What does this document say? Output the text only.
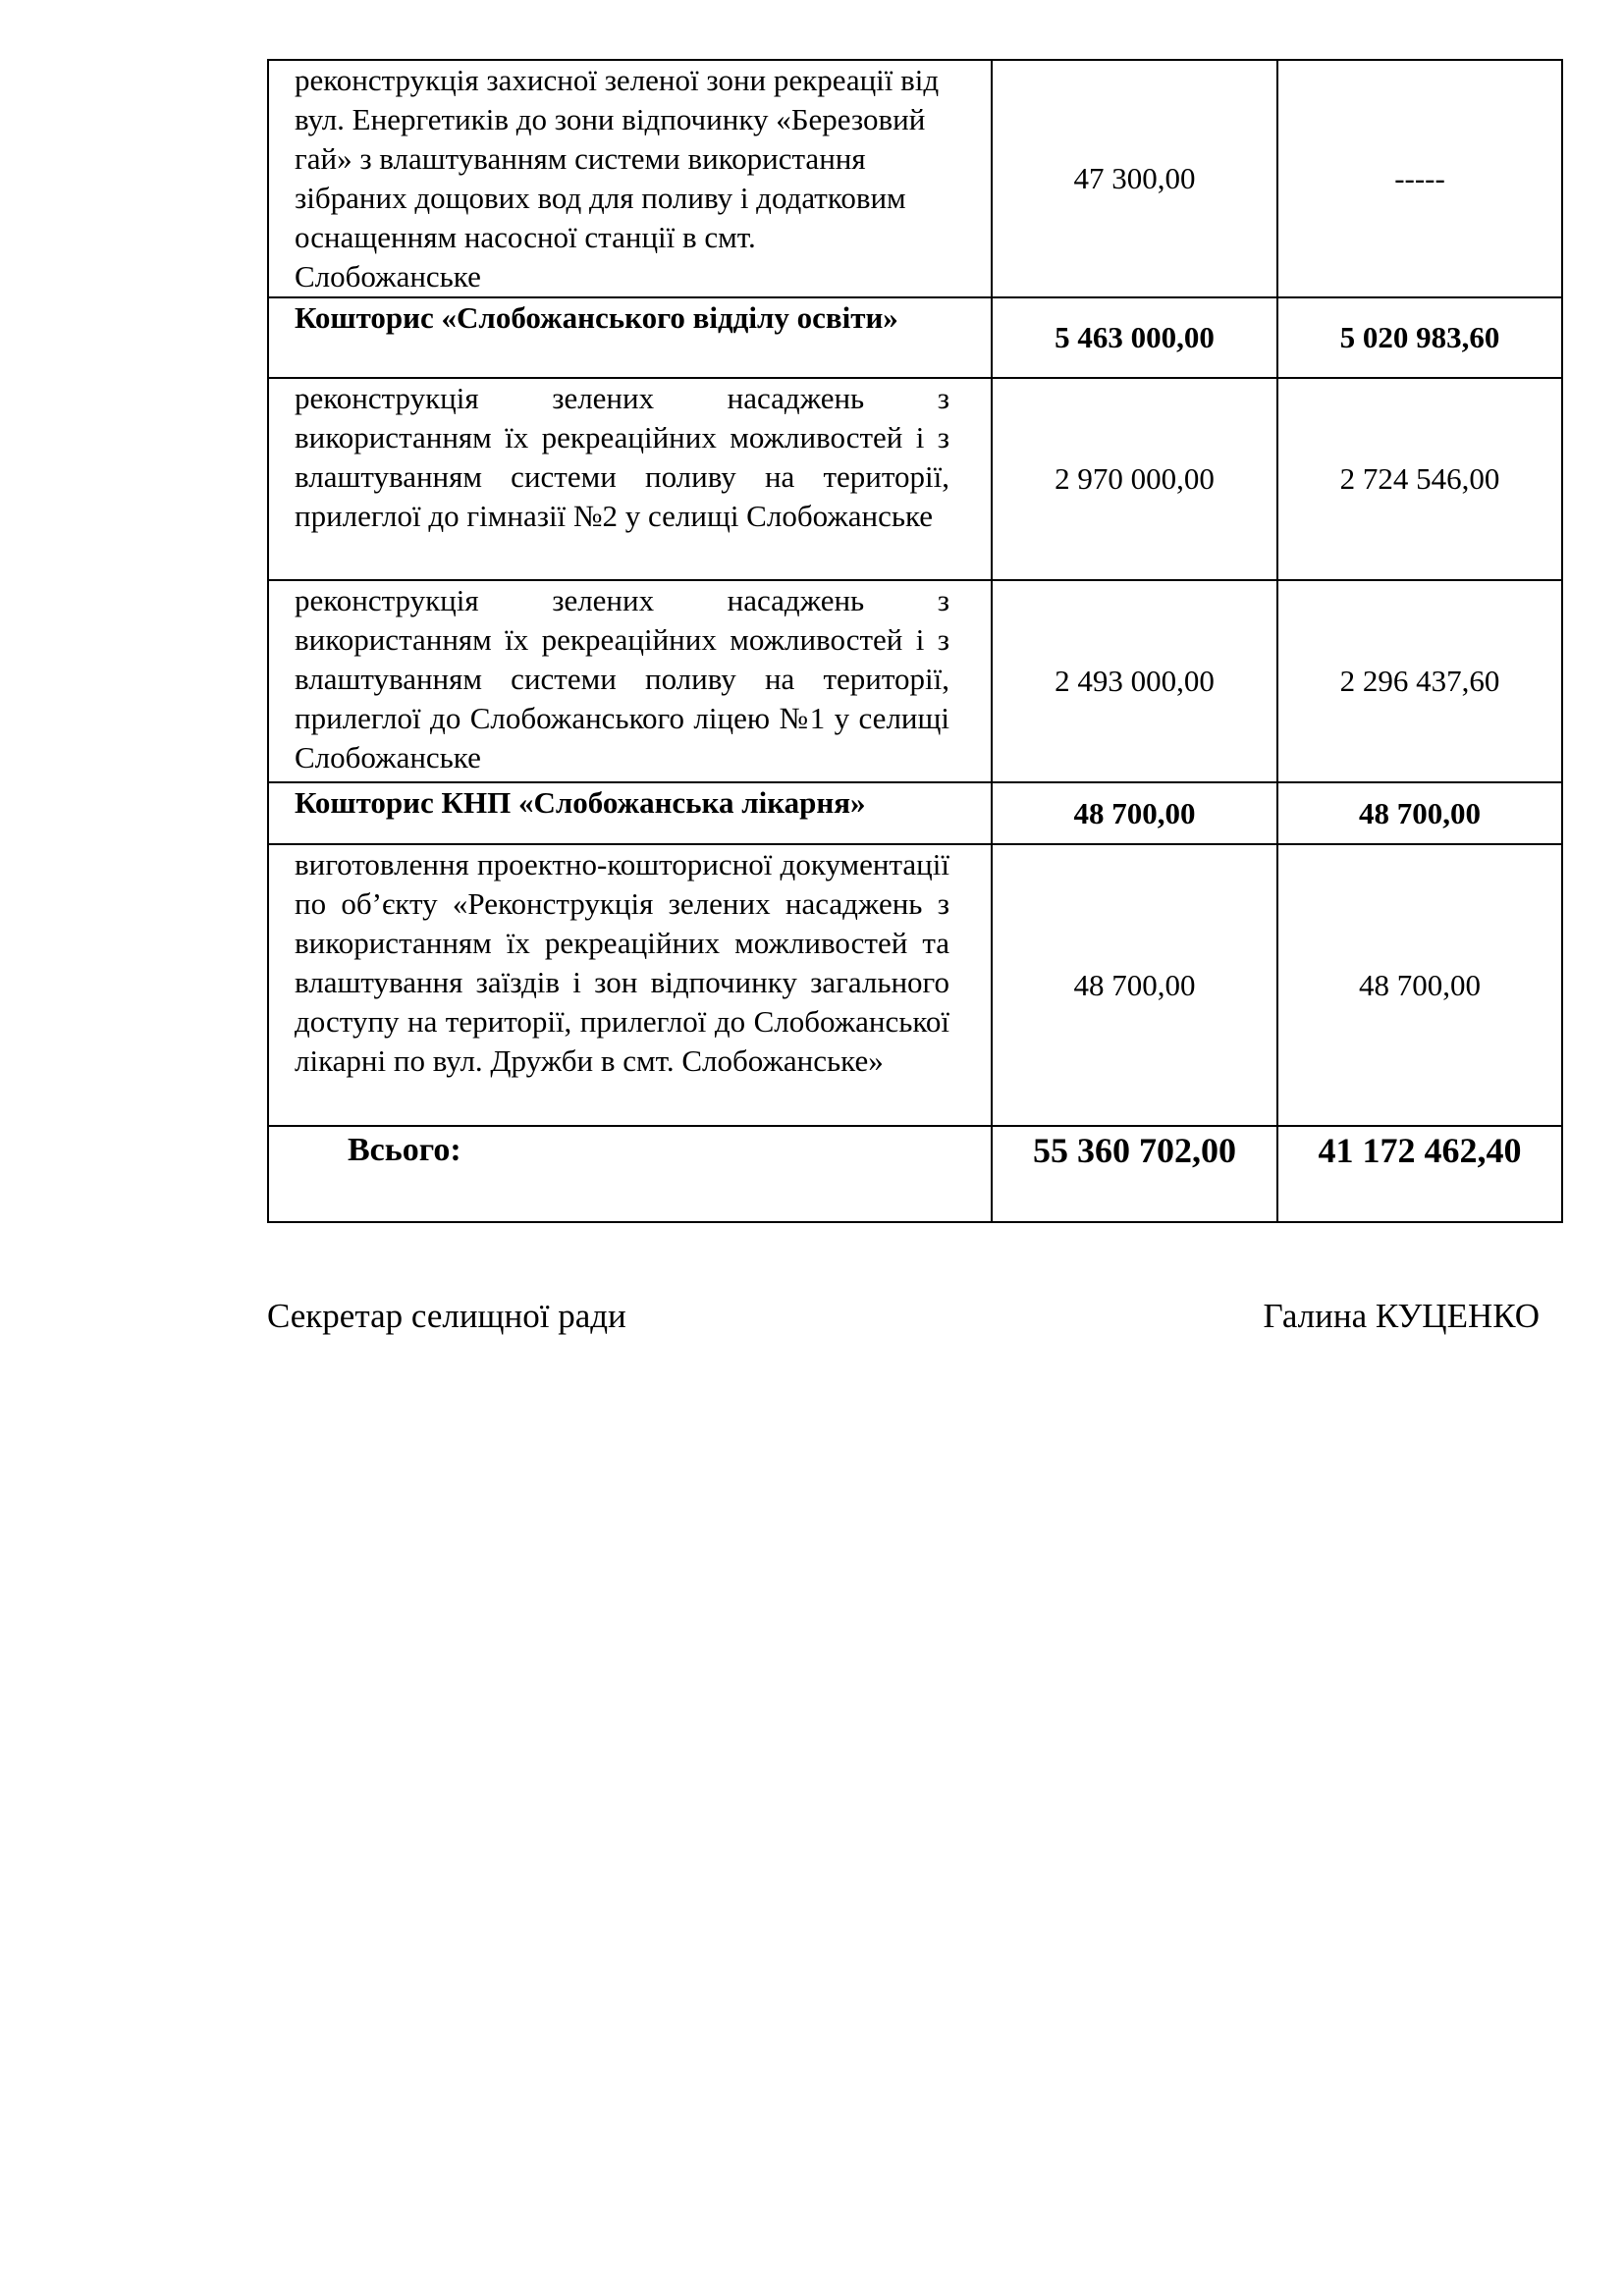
реконструкція захисної зеленої зони рекреації від вул. Енергетиків до зони відпочинку «Березовий гай» з влаштуванням системи використання зібраних дощових вод для поливу і додатковим оснащенням насосної станції в смт. Слобожанське	47 300,00	-----
Кошторис «Слобожанського відділу освіти»	5 463 000,00	5 020 983,60
реконструкція зелених насаджень з використанням їх рекреаційних можливостей і з влаштуванням системи поливу на території, прилеглої до гімназії №2 у селищі Слобожанське	2 970 000,00	2 724 546,00
реконструкція зелених насаджень з використанням їх рекреаційних можливостей і з влаштуванням системи поливу на території, прилеглої до Слобожанського ліцею №1 у селищі Слобожанське	2 493 000,00	2 296 437,60
Кошторис КНП «Слобожанська лікарня»	48 700,00	48 700,00
виготовлення проектно-кошторисної документації по об’єкту «Реконструкція зелених насаджень з використанням їх рекреаційних можливостей та влаштування заїздів і зон відпочинку загального доступу на території, прилеглої до Слобожанської лікарні по вул. Дружби в смт. Слобожанське»	48 700,00	48 700,00
Всього:	55 360 702,00	41 172 462,40
Секретар селищної ради	Галина КУЦЕНКО
